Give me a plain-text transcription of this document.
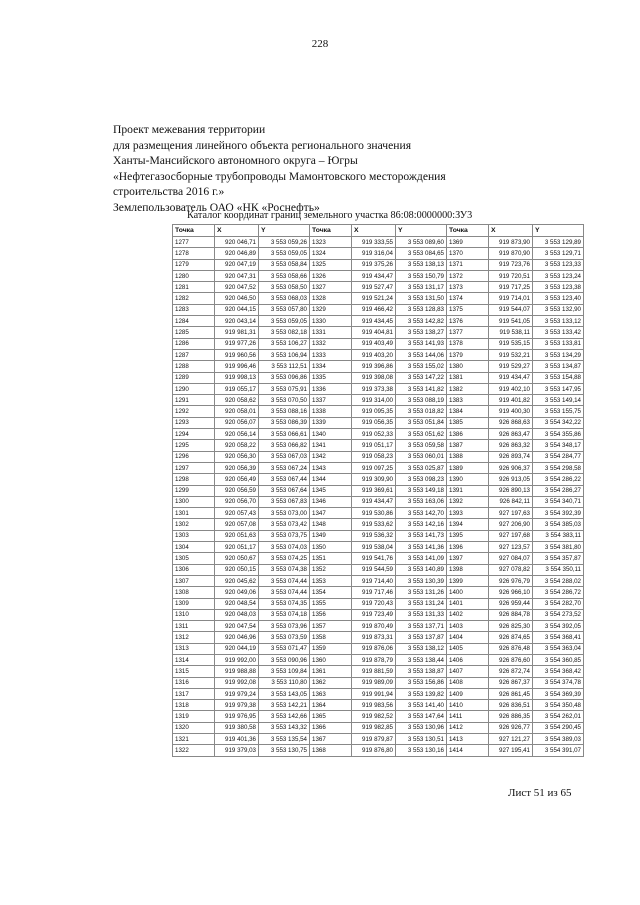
228
Проект межевания территории
для размещения линейного объекта регионального значения
Ханты-Мансийского автономного округа – Югры
«Нефтегазосборные трубопроводы Мамонтовского месторождения
строительства 2016 г.»
Землепользователь ОАО «НК «Роснефть»
Каталог координат границ земельного участка 86:08:0000000:ЗУ3
Точка	X	Y	Точка	X	Y	Точка	X	Y
1277	920 046,71	3 553 059,26	1323	919 333,55	3 553 089,60	1369	919 873,90	3 553 129,89
1278	920 046,89	3 553 059,05	1324	919 316,04	3 553 084,65	1370	919 870,90	3 553 129,71
1279	920 047,19	3 553 058,84	1325	919 375,26	3 553 138,13	1371	919 723,76	3 553 123,33
1280	920 047,31	3 553 058,66	1326	919 434,47	3 553 150,79	1372	919 720,51	3 553 123,24
1281	920 047,52	3 553 058,50	1327	919 527,47	3 553 131,17	1373	919 717,25	3 553 123,38
1282	920 046,50	3 553 068,03	1328	919 521,24	3 553 131,50	1374	919 714,01	3 553 123,40
1283	920 044,15	3 553 057,80	1329	919 466,42	3 553 128,83	1375	919 544,07	3 553 132,90
1284	920 043,14	3 553 059,05	1330	919 434,45	3 553 142,82	1376	919 541,05	3 553 133,12
1285	919 981,31	3 553 082,18	1331	919 404,81	3 553 138,27	1377	919 538,11	3 553 133,42
1286	919 977,26	3 553 106,27	1332	919 403,49	3 553 141,93	1378	919 535,15	3 553 133,81
1287	919 960,56	3 553 106,94	1333	919 403,20	3 553 144,06	1379	919 532,21	3 553 134,29
1288	919 996,46	3 553 112,51	1334	919 396,86	3 553 155,02	1380	919 529,27	3 553 134,87
1289	919 998,13	3 553 096,86	1335	919 398,08	3 553 147,22	1381	919 434,47	3 553 154,88
1290	919 055,17	3 553 075,91	1336	919 373,38	3 553 141,82	1382	919 402,10	3 553 147,95
1291	920 058,62	3 553 070,50	1337	919 314,00	3 553 088,19	1383	919 401,82	3 553 149,14
1292	920 058,01	3 553 088,16	1338	919 095,35	3 553 018,82	1384	919 400,30	3 553 155,75
1293	920 056,07	3 553 086,39	1339	919 056,35	3 553 051,84	1385	926 868,63	3 554 342,22
1294	920 056,14	3 553 066,61	1340	919 052,33	3 553 051,62	1386	926 863,47	3 554 355,86
1295	920 058,22	3 553 066,82	1341	919 051,17	3 553 059,58	1387	926 863,32	3 554 348,17
1296	920 056,30	3 553 067,03	1342	919 058,23	3 553 060,01	1388	926 893,74	3 554 284,77
1297	920 056,39	3 553 067,24	1343	919 097,25	3 553 025,87	1389	926 906,37	3 554 298,58
1298	920 056,49	3 553 067,44	1344	919 309,90	3 553 098,23	1390	926 913,05	3 554 286,22
1299	920 056,59	3 553 067,64	1345	919 369,61	3 553 149,18	1391	926 890,13	3 554 286,27
1300	920 056,70	3 553 067,83	1346	919 434,47	3 553 163,06	1392	926 842,11	3 554 340,71
1301	920 057,43	3 553 073,00	1347	919 530,86	3 553 142,70	1393	927 197,63	3 554 392,39
1302	920 057,08	3 553 073,42	1348	919 533,62	3 553 142,16	1394	927 206,90	3 554 385,03
1303	920 051,63	3 553 073,75	1349	919 536,32	3 553 141,73	1395	927 197,68	3 554 383,11
1304	920 051,17	3 553 074,03	1350	919 538,04	3 553 141,36	1396	927 123,57	3 554 381,80
1305	920 050,67	3 553 074,25	1351	919 541,76	3 553 141,09	1397	927 084,07	3 554 357,87
1306	920 050,15	3 553 074,38	1352	919 544,59	3 553 140,89	1398	927 078,82	3 554 350,11
1307	920 045,62	3 553 074,44	1353	919 714,40	3 553 130,39	1399	926 976,79	3 554 288,02
1308	920 049,06	3 553 074,44	1354	919 717,46	3 553 131,26	1400	926 966,10	3 554 286,72
1309	920 048,54	3 553 074,35	1355	919 720,43	3 553 131,24	1401	926 959,44	3 554 282,70
1310	920 048,03	3 553 074,18	1356	919 723,49	3 553 131,33	1402	926 884,78	3 554 273,52
1311	920 047,54	3 553 073,96	1357	919 870,49	3 553 137,71	1403	926 825,30	3 554 392,05
1312	920 046,96	3 553 073,59	1358	919 873,31	3 553 137,87	1404	926 874,65	3 554 368,41
1313	920 044,19	3 553 071,47	1359	919 876,06	3 553 138,12	1405	926 876,48	3 554 363,04
1314	919 992,00	3 553 090,96	1360	919 878,79	3 553 138,44	1406	926 876,60	3 554 360,85
1315	919 988,88	3 553 109,84	1361	919 881,59	3 553 138,87	1407	926 872,74	3 554 368,42
1316	919 992,08	3 553 110,80	1362	919 989,09	3 553 156,86	1408	926 867,37	3 554 374,78
1317	919 979,24	3 553 143,05	1363	919 991,94	3 553 139,82	1409	926 861,45	3 554 369,39
1318	919 979,38	3 553 142,21	1364	919 983,56	3 553 141,40	1410	926 836,51	3 554 350,48
1319	919 976,95	3 553 142,66	1365	919 982,52	3 553 147,64	1411	926 886,35	3 554 262,01
1320	919 380,58	3 553 143,32	1366	919 982,85	3 553 130,96	1412	926 926,77	3 554 290,45
1321	919 401,36	3 553 135,54	1367	919 879,87	3 553 130,51	1413	927 121,27	3 554 389,03
1322	919 379,03	3 553 130,75	1368	919 876,80	3 553 130,16	1414	927 195,41	3 554 391,07
Лист 51 из 65
